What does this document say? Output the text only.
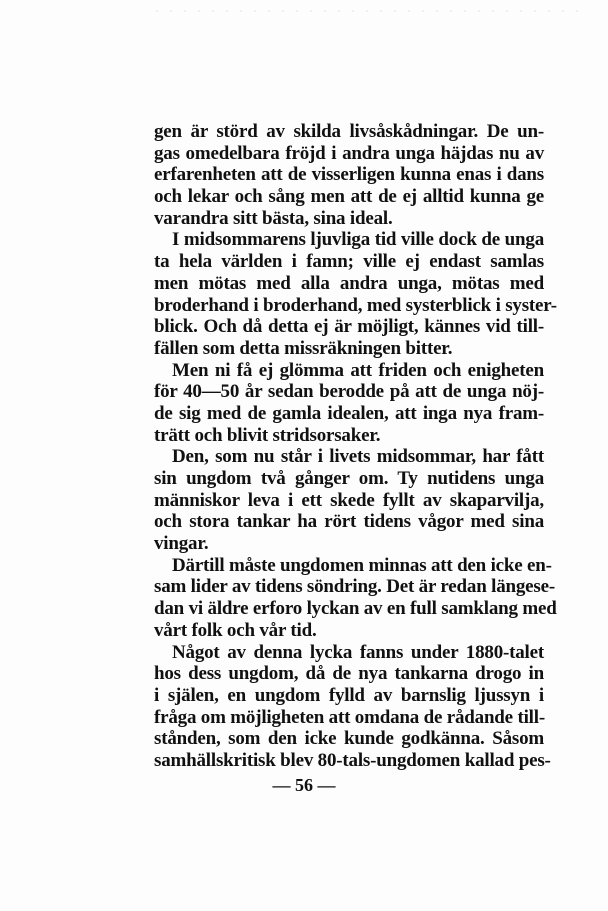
gen är störd av skilda livsåskådningar. De un-
gas omedelbara fröjd i andra unga häjdas nu av
erfarenheten att de visserligen kunna enas i dans
och lekar och sång men att de ej alltid kunna ge
varandra sitt bästa, sina ideal.
I midsommarens ljuvliga tid ville dock de unga
ta hela världen i famn; ville ej endast samlas
men mötas med alla andra unga, mötas med
broderhand i broderhand, med systerblick i syster-
blick. Och då detta ej är möjligt, kännes vid till-
fällen som detta missräkningen bitter.
Men ni få ej glömma att friden och enigheten
för 40—50 år sedan berodde på att de unga nöj-
de sig med de gamla idealen, att inga nya fram-
trätt och blivit stridsorsaker.
Den, som nu står i livets midsommar, har fått
sin ungdom två gånger om. Ty nutidens unga
människor leva i ett skede fyllt av skaparvilja,
och stora tankar ha rört tidens vågor med sina
vingar.
Därtill måste ungdomen minnas att den icke en-
sam lider av tidens söndring. Det är redan längese-
dan vi äldre erforo lyckan av en full samklang med
vårt folk och vår tid.
Något av denna lycka fanns under 1880-talet
hos dess ungdom, då de nya tankarna drogo in
i själen, en ungdom fylld av barnslig ljussyn i
fråga om möjligheten att omdana de rådande till-
stånden, som den icke kunde godkänna. Såsom
samhällskritisk blev 80-tals-ungdomen kallad pes-
— 56 —
